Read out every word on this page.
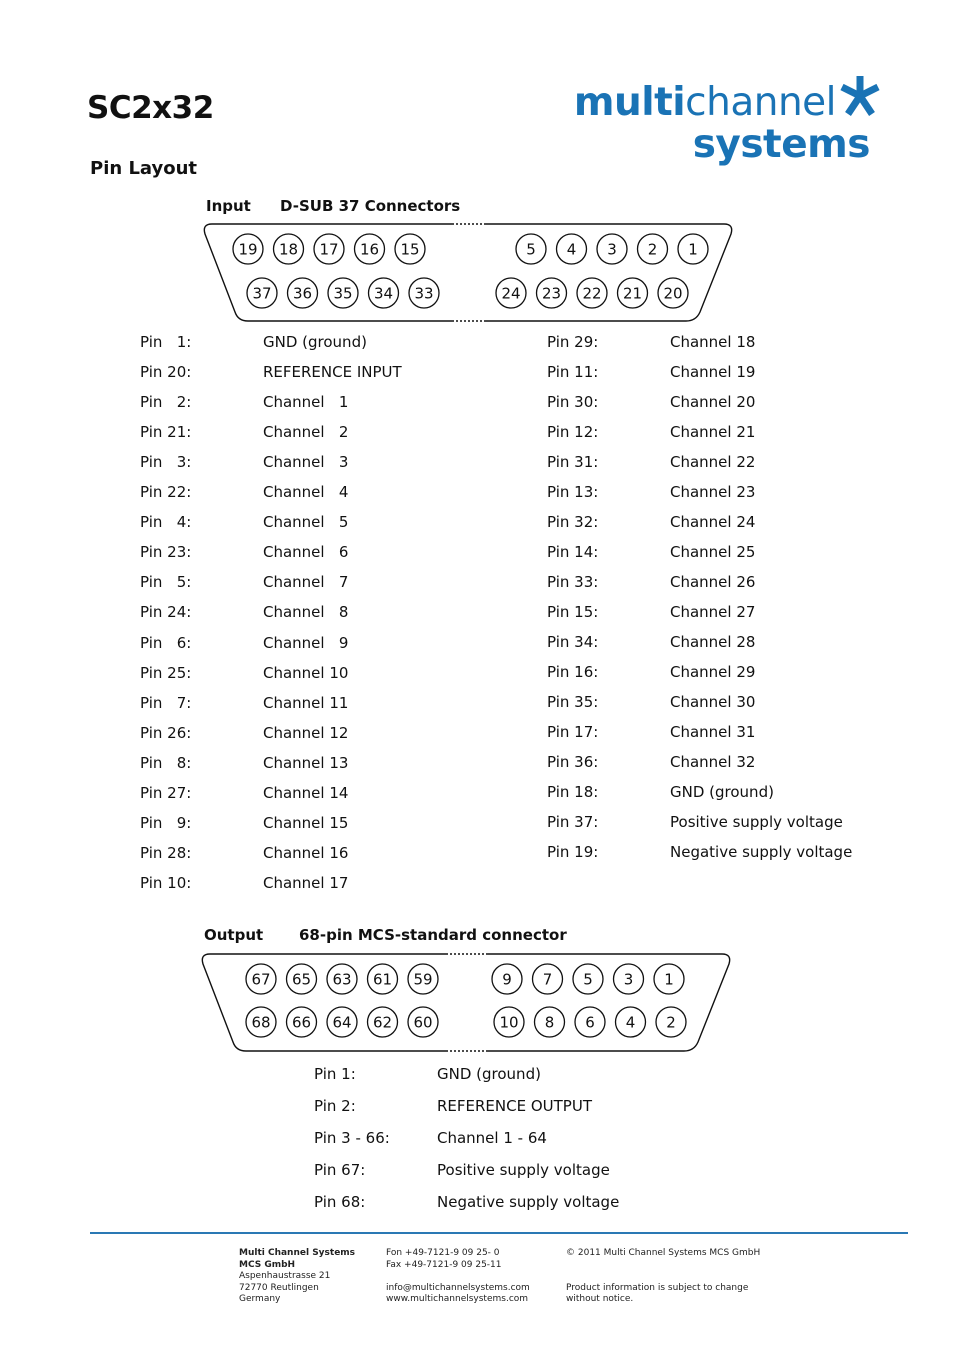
SC2x32
Pin Layout
multichannel
systems
Input D-SUB 37 Connectors
19 18 17 16 15	5 4 3 2 1
37 36 35 34 33	24 23 22 21 20
Pin   1:	GND (ground)
Pin 20:	REFERENCE INPUT
Pin   2:	Channel   1
Pin 21:	Channel   2
Pin   3:	Channel   3
Pin 22:	Channel   4
Pin   4:	Channel   5
Pin 23:	Channel   6
Pin   5:	Channel   7
Pin 24:	Channel   8
Pin   6:	Channel   9
Pin 25:	Channel 10
Pin   7:	Channel 11
Pin 26:	Channel 12
Pin   8:	Channel 13
Pin 27:	Channel 14
Pin   9:	Channel 15
Pin 28:	Channel 16
Pin 10:	Channel 17
Pin 29:	Channel 18
Pin 11:	Channel 19
Pin 30:	Channel 20
Pin 12:	Channel 21
Pin 31:	Channel 22
Pin 13:	Channel 23
Pin 32:	Channel 24
Pin 14:	Channel 25
Pin 33:	Channel 26
Pin 15:	Channel 27
Pin 34:	Channel 28
Pin 16:	Channel 29
Pin 35:	Channel 30
Pin 17:	Channel 31
Pin 36:	Channel 32
Pin 18:	GND (ground)
Pin 37:	Positive supply voltage
Pin 19:	Negative supply voltage
Output 68-pin MCS-standard connector
67 65 63 61 59	9 7 5 3 1
68 66 64 62 60	10 8 6 4 2
Pin 1:	GND (ground)
Pin 2:	REFERENCE OUTPUT
Pin 3 - 66:	Channel 1 - 64
Pin 67:	Positive supply voltage
Pin 68:	Negative supply voltage
Multi Channel Systems
MCS GmbH
Aspenhaustrasse 21
72770 Reutlingen
Germany
Fon +49-7121-9 09 25- 0
Fax +49-7121-9 09 25-11
info@multichannelsystems.com
www.multichannelsystems.com
© 2011 Multi Channel Systems MCS GmbH
Product information is subject to change
without notice.
